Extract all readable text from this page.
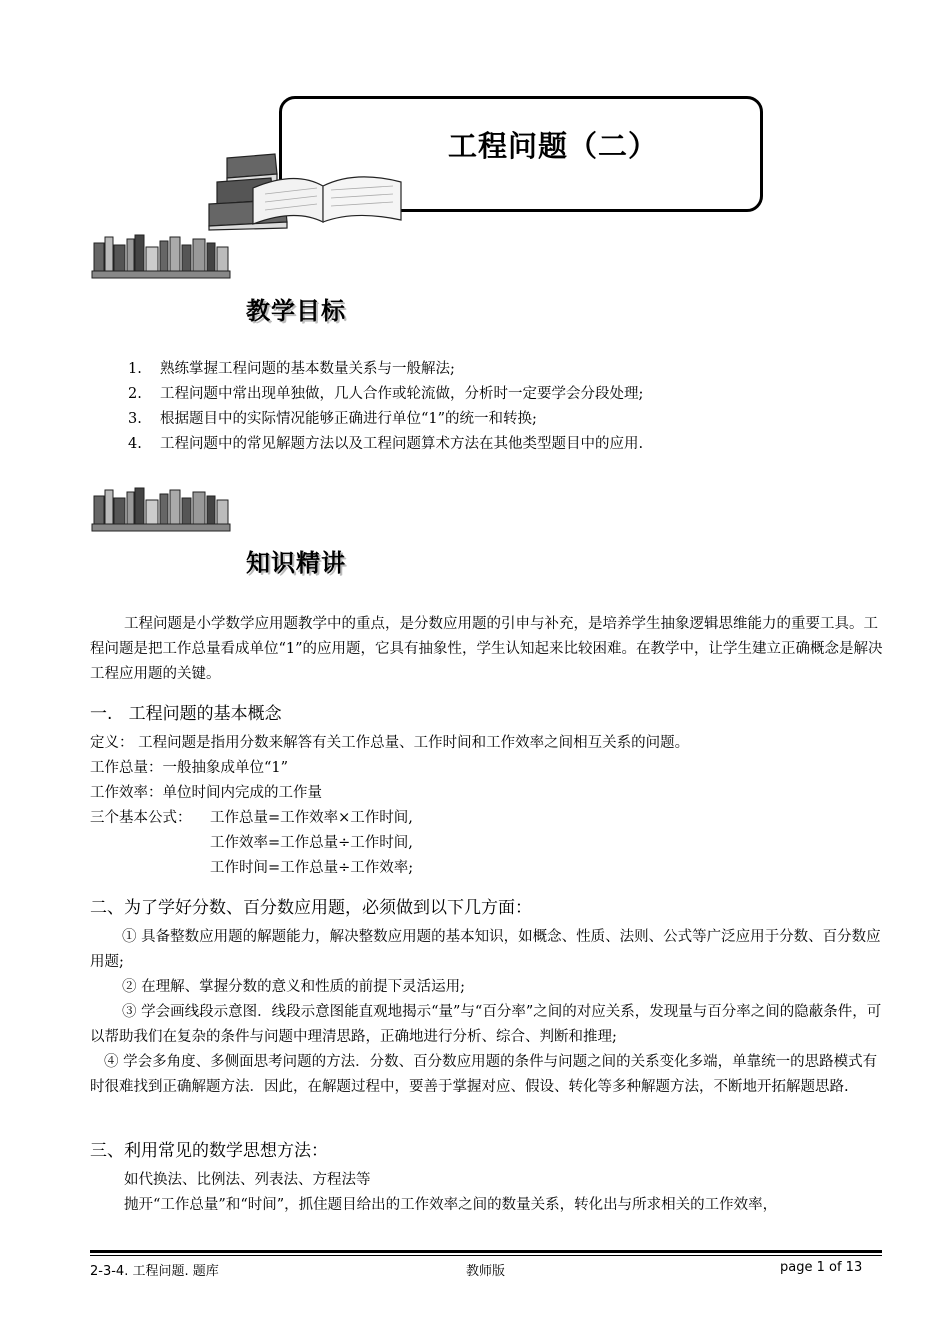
工程问题（二）
教学目标
1. 熟练掌握工程问题的基本数量关系与一般解法;
2. 工程问题中常出现单独做，几人合作或轮流做，分析时一定要学会分段处理;
3. 根据题目中的实际情况能够正确进行单位“1”的统一和转换;
4. 工程问题中的常见解题方法以及工程问题算术方法在其他类型题目中的应用.
知识精讲
工程问题是小学数学应用题教学中的重点，是分数应用题的引申与补充，是培养学生抽象逻辑思维能力的重要工具。工程问题是把工作总量看成单位“1”的应用题，它具有抽象性，学生认知起来比较困难。在教学中，让学生建立正确概念是解决工程应用题的关键。
一.   工程问题的基本概念
定义： 工程问题是指用分数来解答有关工作总量、工作时间和工作效率之间相互关系的问题。
工作总量：一般抽象成单位“1”
工作效率：单位时间内完成的工作量
三个基本公式： 工作总量=工作效率×工作时间,
工作效率=工作总量÷工作时间,
工作时间=工作总量÷工作效率;
二、为了学好分数、百分数应用题，必须做到以下几方面：
① 具备整数应用题的解题能力，解决整数应用题的基本知识，如概念、性质、法则、公式等广泛应用于分数、百分数应用题;
② 在理解、掌握分数的意义和性质的前提下灵活运用;
③ 学会画线段示意图．线段示意图能直观地揭示“量”与“百分率”之间的对应关系，发现量与百分率之间的隐蔽条件，可以帮助我们在复杂的条件与问题中理清思路，正确地进行分析、综合、判断和推理;
④ 学会多角度、多侧面思考问题的方法．分数、百分数应用题的条件与问题之间的关系变化多端，单靠统一的思路模式有时很难找到正确解题方法．因此，在解题过程中，要善于掌握对应、假设、转化等多种解题方法，不断地开拓解题思路.
三、利用常见的数学思想方法：
如代换法、比例法、列表法、方程法等
抛开“工作总量”和“时间”，抓住题目给出的工作效率之间的数量关系，转化出与所求相关的工作效率，
2-3-4. 工程问题. 题库	教师版	page 1 of 13
